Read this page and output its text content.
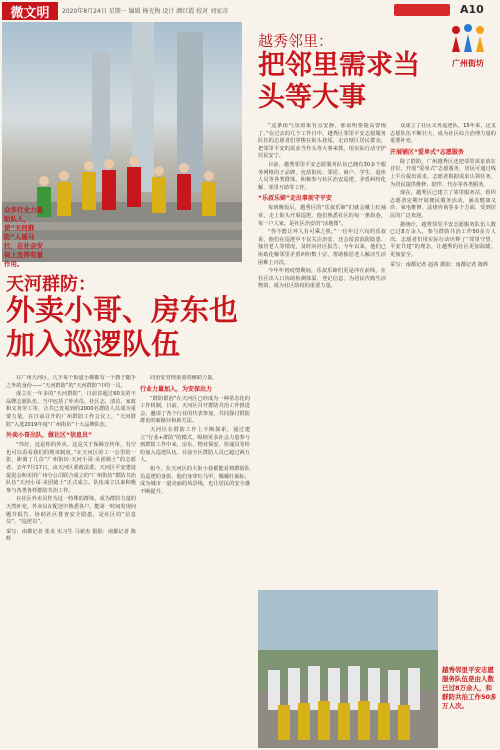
微文明	2020年8月24日 星期一 编辑 杨光梅 设计 颜红霞 校对 刘家彦	A10
广州街坊
众多行业力量助队人，使“天河群防”人谣马壮，在社会安保上发挥有重作用。
天河群防：
外卖小哥、房东也加入巡逻队伍

在广州天河区，几乎每个街道小都都有一个旗子随手之外的身份——“天河群防”的“天河群防”中的一员。

成立在一年多的“天河群防”，日前首超过60支的不品牌志愿队伍，当中包括了外卖员、社区志、清洁、家政和义务劳工等，合共已发展到约2000名群防人员成为重要力量。在日前召开的广州群防工作会议上，“天河群防”入选2019年度“广州街坊”十大品牌队伍。

外卖小哥出队，做社区“信息员”

“你好，这是你的外卖。这是关于保障宣传单，有空也可以看看我们的规章制度。”在天河区的工一公里的一张，距离了几位“广州街坊·天河小哥·美团骑士”的志愿者。去年7月17日，由天河区委政法委、天河区平安建设促进会和美团广州分公司联合成立的“广州街坊”群防共治队伍“天河小哥·美团骑士”正式成立。队伍成立以来积极参与各类各样群防共治工作。

在社区外卖员作为这一特殊的群体，成为群防力量的天然补充。外卖员在配送中熟悉各户，能第一时间发现问题并报告，协助社区排查安全隐患，是社区的“信息员”、“巡逻员”。

采写：南都记者 张美 实习生 马新杰 摄影：南都记者 陈辉

同治安管理重要的辅助力量。

行业力量加入，为安保出力

“群防群治”在天河区已经成为一种常态化的工作机制，日前，天河区召开群防共治工作推进会，邀请了各个行业的代表参加，共同探讨群防群治的新路径和新方法。

天河区在群防工作上不断探索，通过建立“行业+群防”的模式，吸纳更多社会力量参与到群防工作中来，房东、物业保安、快递员等纷纷加入巡逻队伍。目前全区群防人员已超过两万人。

如今，在天河区的大街小巷都能看到群防队员巡逻的身影，他们身穿红马甲，佩戴红袖标，成为城市一道亮丽的风景线，也让居民的安全感不断提升。

越秀邻里：
把邻里需求当头等大事

“这条街气氛如果有点安静，那说明要提高警惕了。”在过去的几个工作日中，越秀区邻里平安志愿服务队伍的志愿者们穿梭在街头巷尾，走访辖区居民群众，把邻里平安的需求当作头等大事来抓，用实际行动守护居民安宁。

目前，越秀邻里平安志愿服务队伍已拥有30多个服务网格的子品牌，包括街坊、邻居、商户、学生、退休人员等各类群体，积极参与社区治安巡逻、矛盾纠纷化解、邻里互助等工作。

“乐叔乐婶”走出事前守平安

每到晚饭后，越秀区的“乐叔乐婶”们就会戴上红袖章，走上街头开展巡逻。他们熟悉社区的每一条街巷，每一户人家，是社区治安的“活地图”。

“你不能让坏人有可乘之机。”一位年过六旬的乐叔说，他们在巡逻中不仅关注治安，还会留意消防隐患、独居老人等情况，及时向社区报告。今年以来，他们已协助化解邻里矛盾纠纷数十宗，帮助独居老人解决生活困难上百次。

今年年初疫情期间，乐叔乐婶们更是冲在前线，在社区出入口协助检测体温、登记信息，为居民代购生活物资，成为社区防疫的重要力量。

众成立了社区义务巡逻队，15年来，这支志愿队伍不断壮大，成为社区综合治理力量的重要补充。

开展铺区“爱单式”志愿服务

除了群防，广州越秀区还把邻里需求放在首位，开展“爱单式”志愿服务，居民可通过线上平台提出需求，志愿者根据需求认领任务，为居民提供维修、陪伴、代办等各类服务。

现在，越秀区已建立了邻里服务站，组织志愿者定期开展便民服务活动，涵盖健康义诊、家电维修、法律咨询等多个方面，受到居民的广泛欢迎。

据统计，越秀邻里平安志愿服务队伍人数已过8万余人，参与群防共治工作50多万人次。志愿者们用实际行动诠释了“邻里守望、平安共建”的理念，让越秀的社区更加温暖、更加安全。

采写：南都记者 赵茜 摄影：南都记者 陈辉
越秀邻里平安志愿服务队伍是由人数已过8万余人，和群防共治工作50多万人次。
